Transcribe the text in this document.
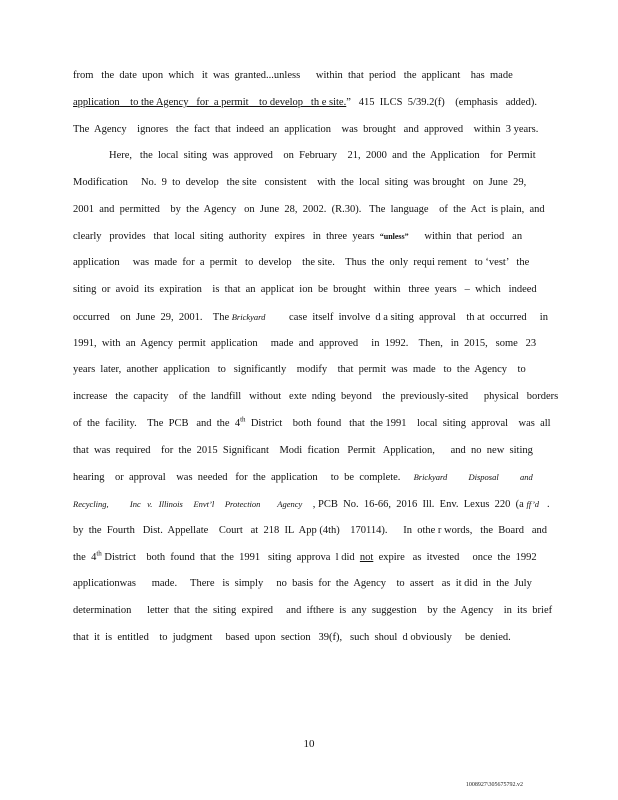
from   the  date  upon  which   it  was  granted...unless      within  that  period   the  applicant    has  made
application    to the Agency   for  a permit    to develop   th e site.”   415  ILCS  5/39.2(f)    (emphasis   added).
The  Agency    ignores   the  fact  that  indeed  an  application    was  brought   and  approved    within  3 years.
Here,   the  local  siting  was  approved    on  February    21,  2000  and  the  Application    for  Permit
Modification     No.  9  to  develop   the site   consistent    with  the  local  siting  was brought   on  June  29,
2001  and  permitted    by  the  Agency   on  June  28,  2002.  (R.30).   The  language    of  the  Act  is plain,  and
clearly   provides   that  local  siting  authority   expires   in  three  years  “unless”      within  that  period   an
application     was  made  for  a  permit   to  develop    the site.    Thus  the  only  requi rement   to ‘vest’   the
siting  or  avoid  its  expiration    is  that  an  applicat  ion  be  brought   within   three  years   –  which   indeed
occurred    on  June  29,  2001.    The Brickyard         case  itself  involve  d a siting  approval    th at  occurred     in
1991,  with  an  Agency  permit  application     made  and  approved     in  1992.    Then,   in  2015,   some   23
years  later,  another  application   to   significantly    modify    that  permit  was  made   to  the  Agency    to
increase   the  capacity    of  the  landfill   without   exte  nding  beyond    the  previously-sited      physical   borders
of  the  facility.    The  PCB   and  the  4th  District    both  found   that  the 1991    local  siting  approval    was  all
that  was  required    for  the  2015  Significant    Modi  fication   Permit   Application,      and  no  new  siting
hearing    or  approval    was  needed   for  the  application     to  be  complete.     Brickyard          Disposal          and
Recycling,          Inc   v.   Illinois     Envt’l     Protection        Agency    , PCB  No.  16-66,  2016  Ill.  Env.  Lexus  220  (a ff’d   .
by  the  Fourth   Dist.  Appellate    Court   at  218  IL  App (4th)    170114).      In  othe r words,   the  Board   and
the  4th District    both  found  that  the  1991   siting  approva  l did  not  expire   as  itvested     once  the  1992
applicationwas      made.     There   is  simply     no  basis  for  the  Agency    to  assert   as  it did  in  the  July
determination      letter  that  the  siting  expired     and  ifthere  is  any  suggestion    by  the  Agency    in  its  brief
that  it  is  entitled    to  judgment     based  upon  section   39(f),   such  shoul  d obviously     be  denied.
10
1008927\305675792.v2
